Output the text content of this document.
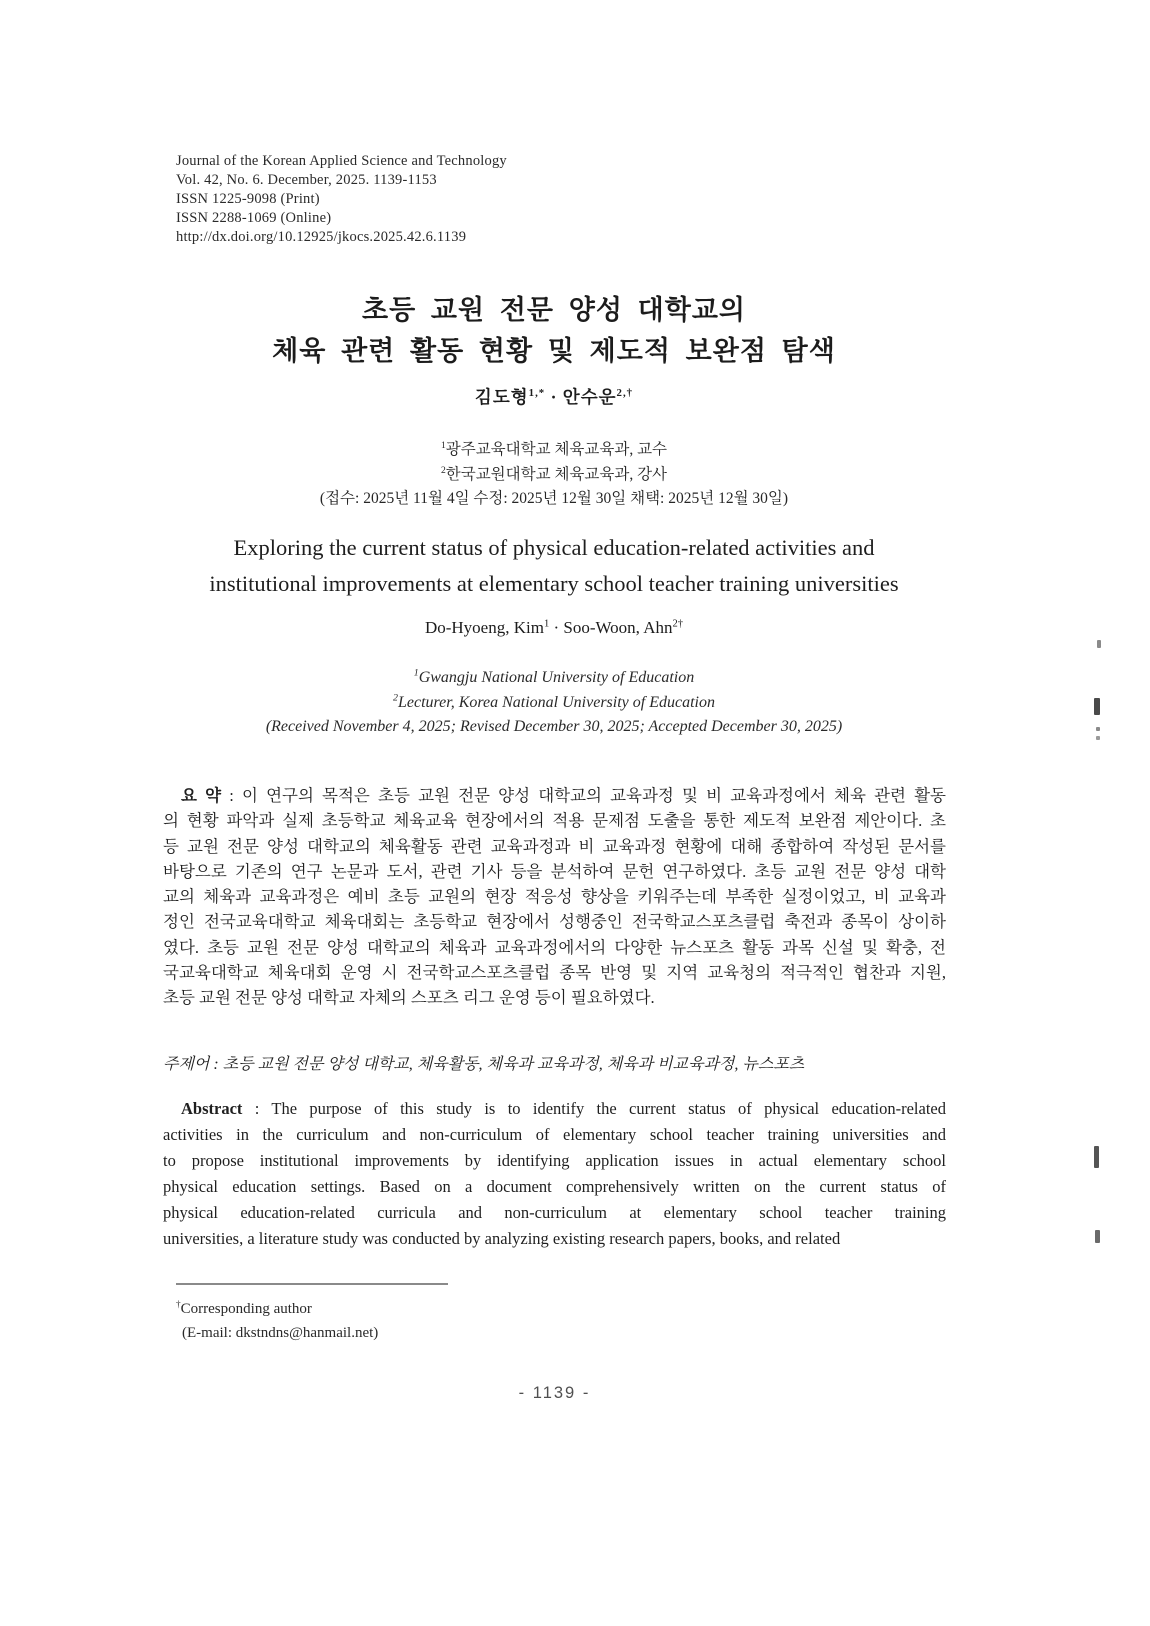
Journal of the Korean Applied Science and Technology
Vol. 42, No. 6. December, 2025. 1139-1153
ISSN 1225-9098 (Print)
ISSN 2288-1069 (Online)
http://dx.doi.org/10.12925/jkocs.2025.42.6.1139
초등 교원 전문 양성 대학교의
체육 관련 활동 현황 및 제도적 보완점 탐색
김도형$^{1,*}$ · 안수운$^{2,\dagger}$
$^1$광주교육대학교 체육교육과, 교수
$^2$한국교원대학교 체육교육과, 강사
(접수: 2025년 11월 4일 수정: 2025년 12월 30일 채택: 2025년 12월 30일)
Exploring the current status of physical education-related activities and
institutional improvements at elementary school teacher training universities
Do-Hyoeng, Kim$^1$ · Soo-Woon, Ahn$^{2\dagger}$
$^1$Gwangju National University of Education
$^2$Lecturer, Korea National University of Education
(Received November 4, 2025; Revised December 30, 2025; Accepted December 30, 2025)
요 약 : 이 연구의 목적은 초등 교원 전문 양성 대학교의 교육과정 및 비 교육과정에서 체육 관련 활동
의 현황 파악과 실제 초등학교 체육교육 현장에서의 적용 문제점 도출을 통한 제도적 보완점 제안이다. 초
등 교원 전문 양성 대학교의 체육활동 관련 교육과정과 비 교육과정 현황에 대해 종합하여 작성된 문서를
바탕으로 기존의 연구 논문과 도서, 관련 기사 등을 분석하여 문헌 연구하였다. 초등 교원 전문 양성 대학
교의 체육과 교육과정은 예비 초등 교원의 현장 적응성 향상을 키워주는데 부족한 실정이었고, 비 교육과
정인 전국교육대학교 체육대회는 초등학교 현장에서 성행중인 전국학교스포츠클럽 축전과 종목이 상이하
였다. 초등 교원 전문 양성 대학교의 체육과 교육과정에서의 다양한 뉴스포츠 활동 과목 신설 및 확충, 전
국교육대학교 체육대회 운영 시 전국학교스포츠클럽 종목 반영 및 지역 교육청의 적극적인 협찬과 지원,
초등 교원 전문 양성 대학교 자체의 스포츠 리그 운영 등이 필요하였다.
주제어 : 초등 교원 전문 양성 대학교, 체육활동, 체육과 교육과정, 체육과 비교육과정, 뉴스포츠
Abstract : The purpose of this study is to identify the current status of physical education-related
activities in the curriculum and non-curriculum of elementary school teacher training universities and
to propose institutional improvements by identifying application issues in actual elementary school
physical education settings. Based on a document comprehensively written on the current status of
physical education-related curricula and non-curriculum at elementary school teacher training
universities, a literature study was conducted by analyzing existing research papers, books, and related
†Corresponding author
(E-mail: dkstndns@hanmail.net)
- 1139 -
